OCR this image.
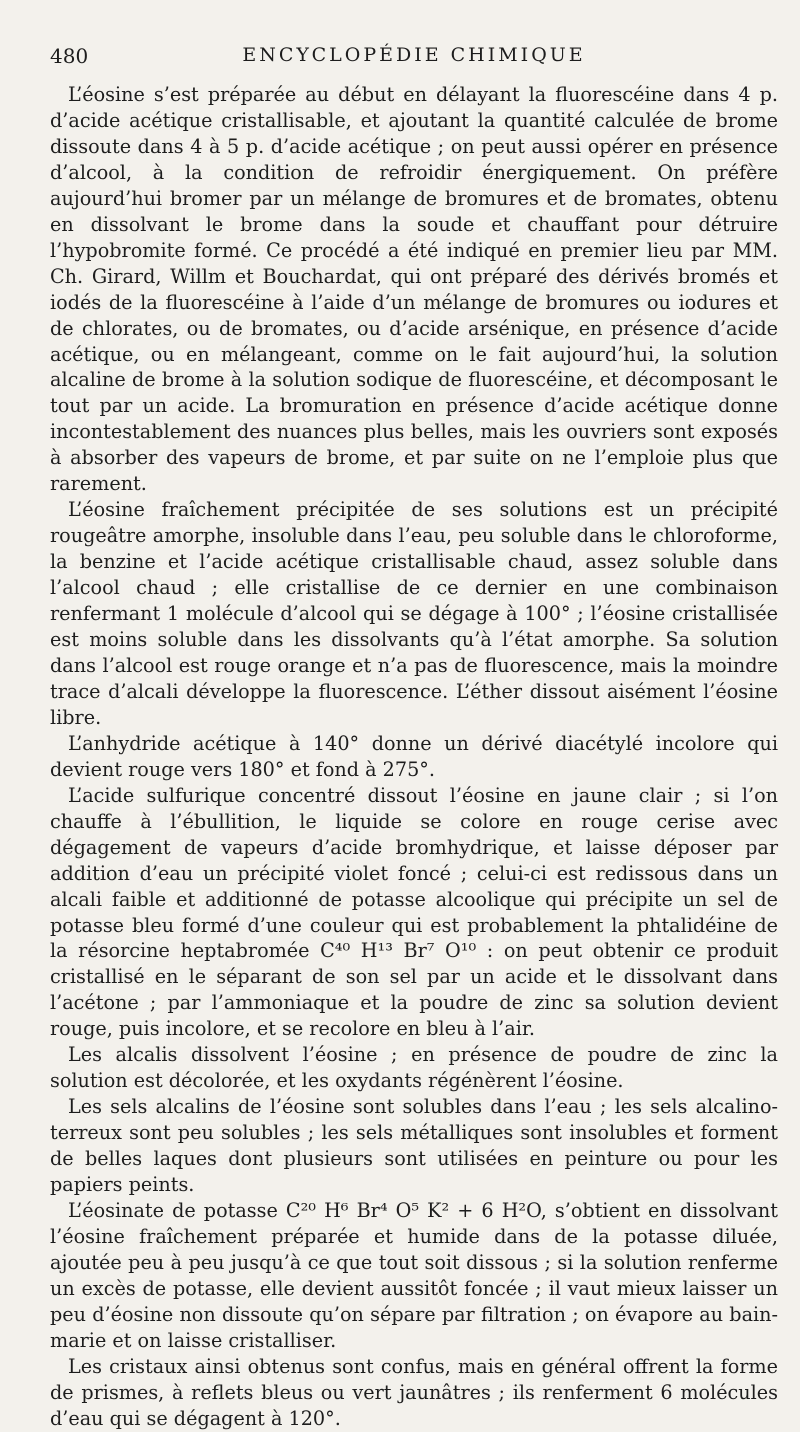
480	ENCYCLOPÉDIE CHIMIQUE

L’éosine s’est préparée au début en délayant la fluorescéine dans 4 p. d’acide acétique cristallisable, et ajoutant la quantité calculée de brome dissoute dans 4 à 5 p. d’acide acétique ; on peut aussi opérer en présence d’alcool, à la condition de refroidir énergiquement. On préfère aujourd’hui bromer par un mélange de bromures et de bromates, obtenu en dissolvant le brome dans la soude et chauffant pour détruire l’hypobromite formé. Ce procédé a été indiqué en premier lieu par MM. Ch. Girard, Willm et Bouchardat, qui ont préparé des dérivés bromés et iodés de la fluorescéine à l’aide d’un mélange de bromures ou iodures et de chlorates, ou de bromates, ou d’acide arsénique, en présence d’acide acétique, ou en mélangeant, comme on le fait aujourd’hui, la solution alcaline de brome à la solution sodique de fluorescéine, et décomposant le tout par un acide. La bromuration en présence d’acide acétique donne incontestablement des nuances plus belles, mais les ouvriers sont exposés à absorber des vapeurs de brome, et par suite on ne l’emploie plus que rarement.

L’éosine fraîchement précipitée de ses solutions est un précipité rougeâtre amorphe, insoluble dans l’eau, peu soluble dans le chloroforme, la benzine et l’acide acétique cristallisable chaud, assez soluble dans l’alcool chaud ; elle cristallise de ce dernier en une combinaison renfermant 1 molécule d’alcool qui se dégage à 100° ; l’éosine cristallisée est moins soluble dans les dissolvants qu’à l’état amorphe. Sa solution dans l’alcool est rouge orange et n’a pas de fluorescence, mais la moindre trace d’alcali développe la fluorescence. L’éther dissout aisément l’éosine libre.

L’anhydride acétique à 140° donne un dérivé diacétylé incolore qui devient rouge vers 180° et fond à 275°.

L’acide sulfurique concentré dissout l’éosine en jaune clair ; si l’on chauffe à l’ébullition, le liquide se colore en rouge cerise avec dégagement de vapeurs d’acide bromhydrique, et laisse déposer par addition d’eau un précipité violet foncé ; celui-ci est redissous dans un alcali faible et additionné de potasse alcoolique qui précipite un sel de potasse bleu formé d’une couleur qui est probablement la phtalidéine de la résorcine heptabromée C⁴⁰ H¹³ Br⁷ O¹⁰ : on peut obtenir ce produit cristallisé en le séparant de son sel par un acide et le dissolvant dans l’acétone ; par l’ammoniaque et la poudre de zinc sa solution devient rouge, puis incolore, et se recolore en bleu à l’air.

Les alcalis dissolvent l’éosine ; en présence de poudre de zinc la solution est décolorée, et les oxydants régénèrent l’éosine.

Les sels alcalins de l’éosine sont solubles dans l’eau ; les sels alcalino-terreux sont peu solubles ; les sels métalliques sont insolubles et forment de belles laques dont plusieurs sont utilisées en peinture ou pour les papiers peints.

L’éosinate de potasse C²⁰ H⁶ Br⁴ O⁵ K² + 6 H²O, s’obtient en dissolvant l’éosine fraîchement préparée et humide dans de la potasse diluée, ajoutée peu à peu jusqu’à ce que tout soit dissous ; si la solution renferme un excès de potasse, elle devient aussitôt foncée ; il vaut mieux laisser un peu d’éosine non dissoute qu’on sépare par filtration ; on évapore au bain-marie et on laisse cristalliser.

Les cristaux ainsi obtenus sont confus, mais en général offrent la forme de prismes, à reflets bleus ou vert jaunâtres ; ils renferment 6 molécules d’eau qui se dégagent à 120°.
